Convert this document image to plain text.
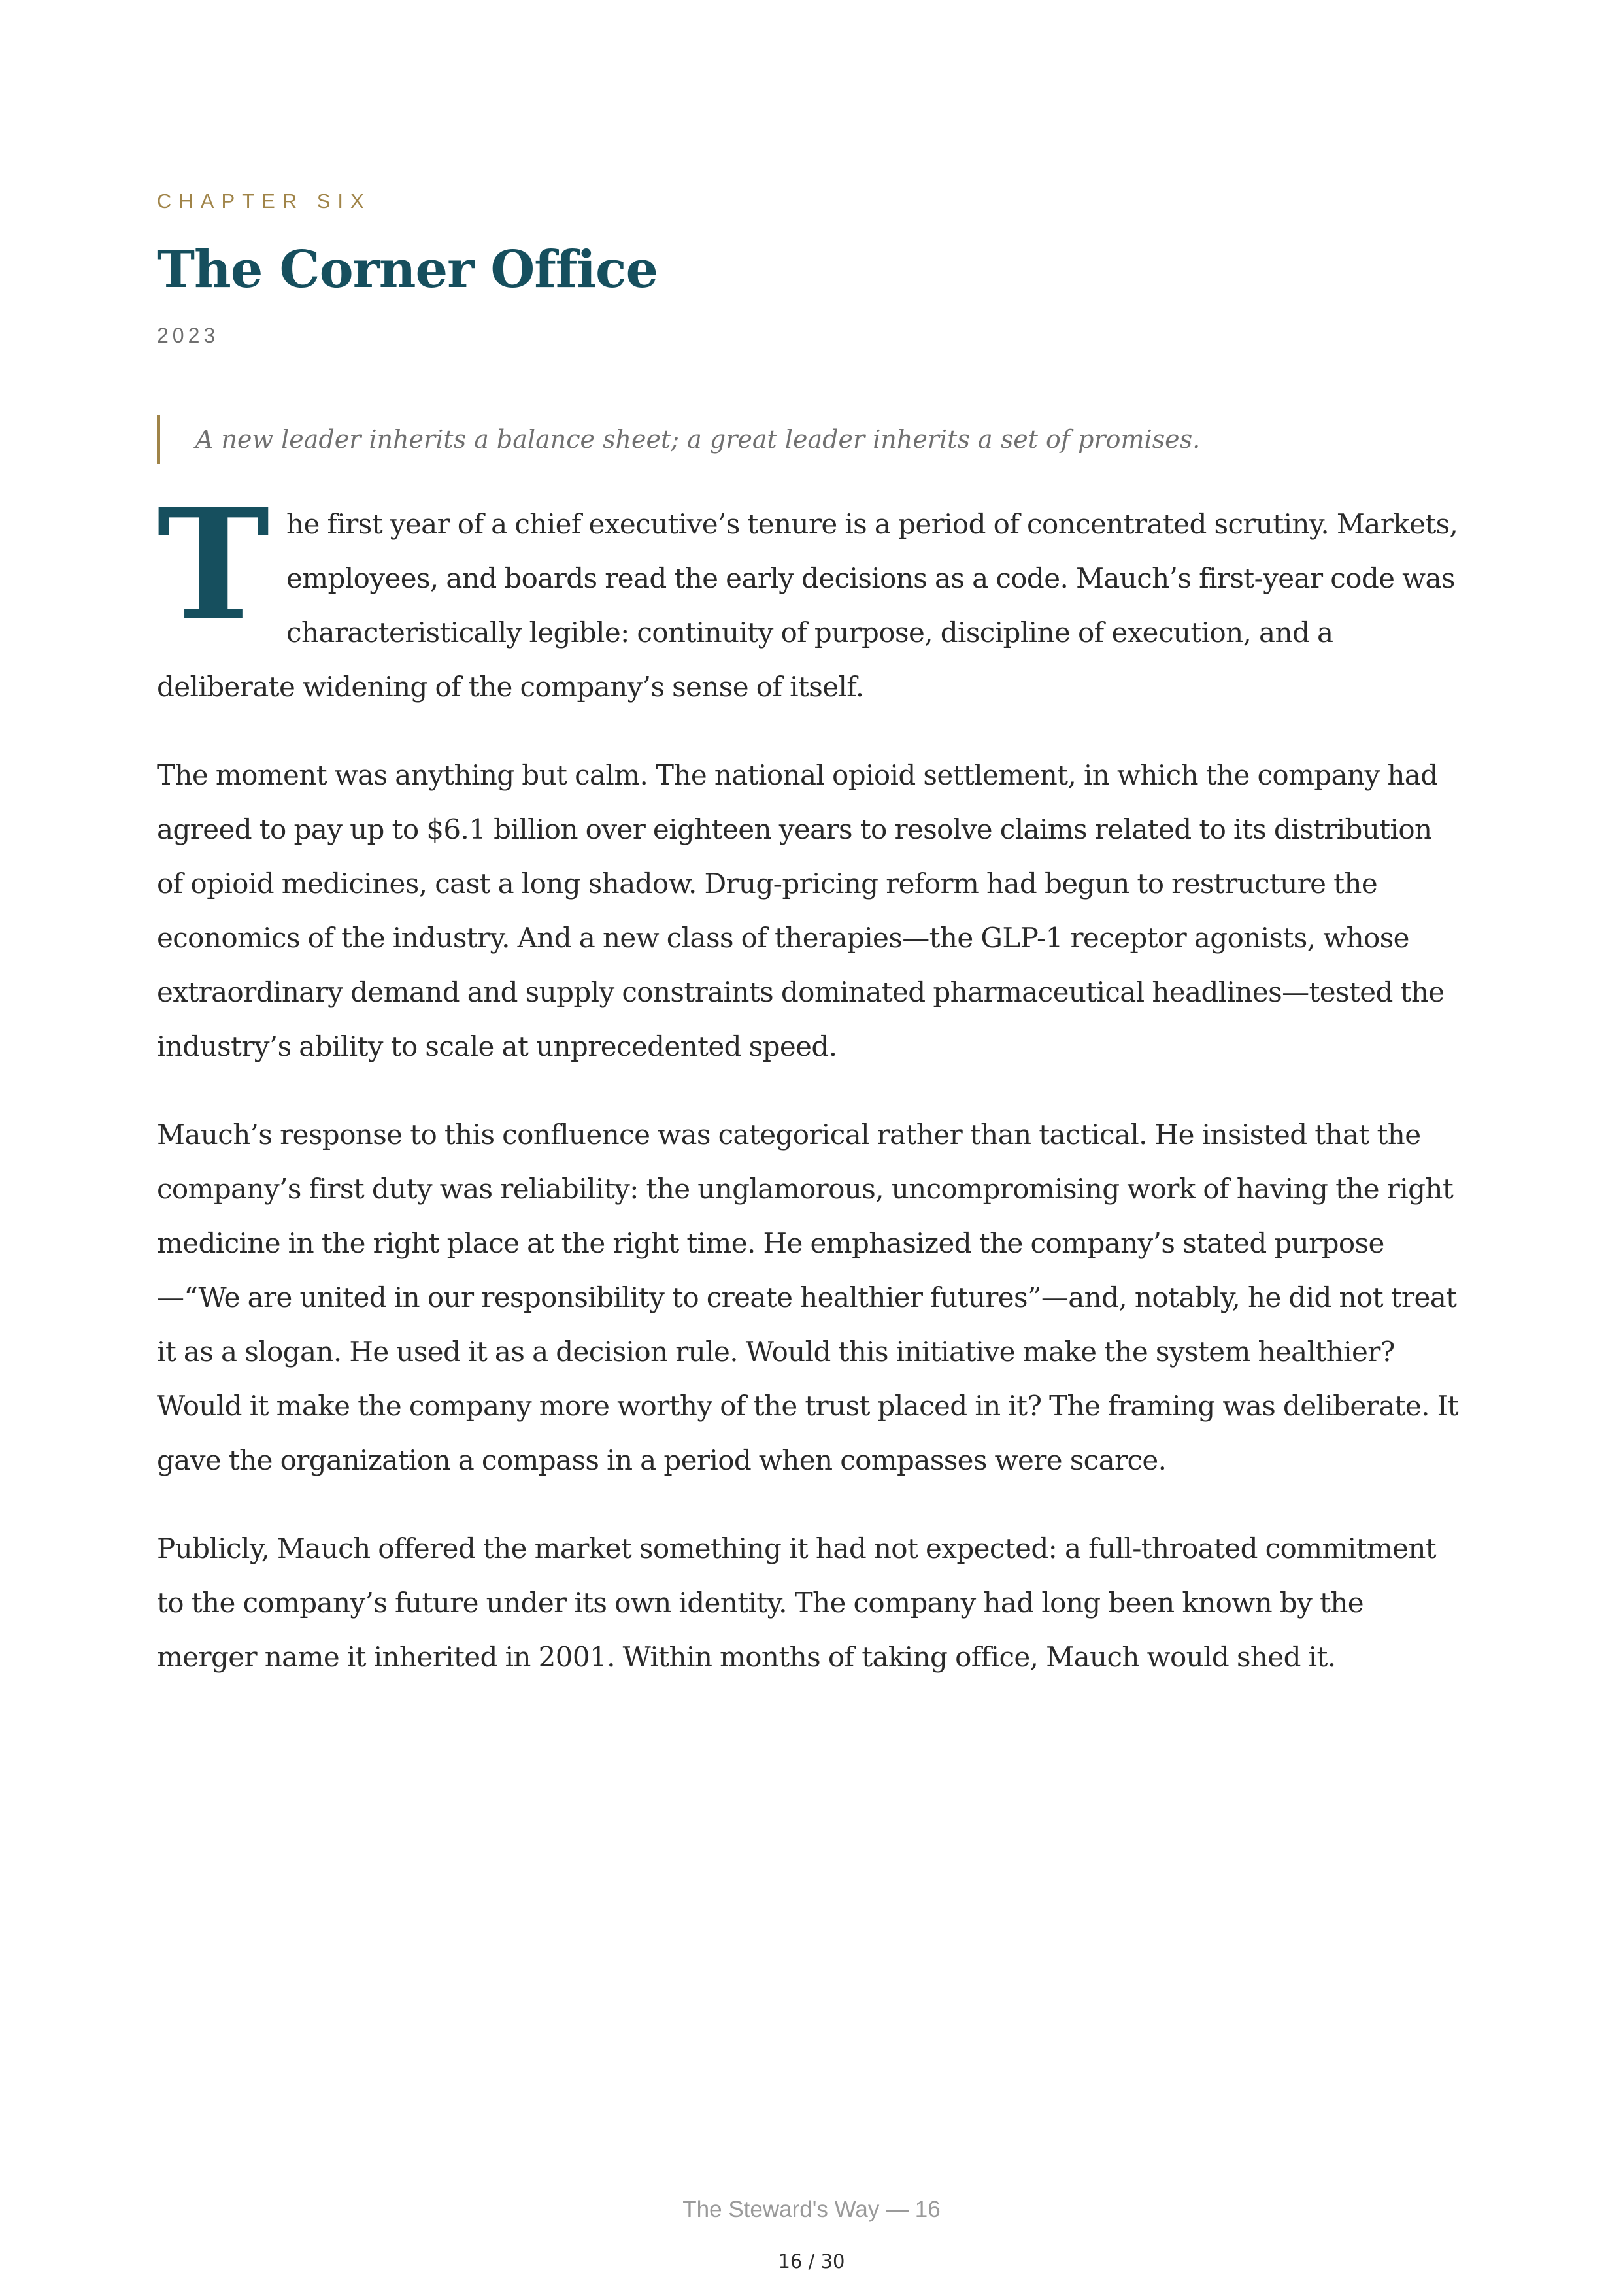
CHAPTER SIX
The Corner Office
2023
A new leader inherits a balance sheet; a great leader inherits a set of promises.

The first year of a chief executive’s tenure is a period of concentrated scrutiny. Markets, employees, and boards read the early decisions as a code. Mauch’s first-year code was characteristically legible: continuity of purpose, discipline of execution, and a deliberate widening of the company’s sense of itself.

The moment was anything but calm. The national opioid settlement, in which the company had agreed to pay up to $6.1 billion over eighteen years to resolve claims related to its distribution of opioid medicines, cast a long shadow. Drug-pricing reform had begun to restructure the economics of the industry. And a new class of therapies—the GLP-1 receptor agonists, whose extraordinary demand and supply constraints dominated pharmaceutical headlines—tested the industry’s ability to scale at unprecedented speed.

Mauch’s response to this confluence was categorical rather than tactical. He insisted that the company’s first duty was reliability: the unglamorous, uncompromising work of having the right medicine in the right place at the right time. He emphasized the company’s stated purpose—“We are united in our responsibility to create healthier futures”—and, notably, he did not treat it as a slogan. He used it as a decision rule. Would this initiative make the system healthier? Would it make the company more worthy of the trust placed in it? The framing was deliberate. It gave the organization a compass in a period when compasses were scarce.

Publicly, Mauch offered the market something it had not expected: a full-throated commitment to the company’s future under its own identity. The company had long been known by the merger name it inherited in 2001. Within months of taking office, Mauch would shed it.

The Steward's Way — 16
16 / 30
